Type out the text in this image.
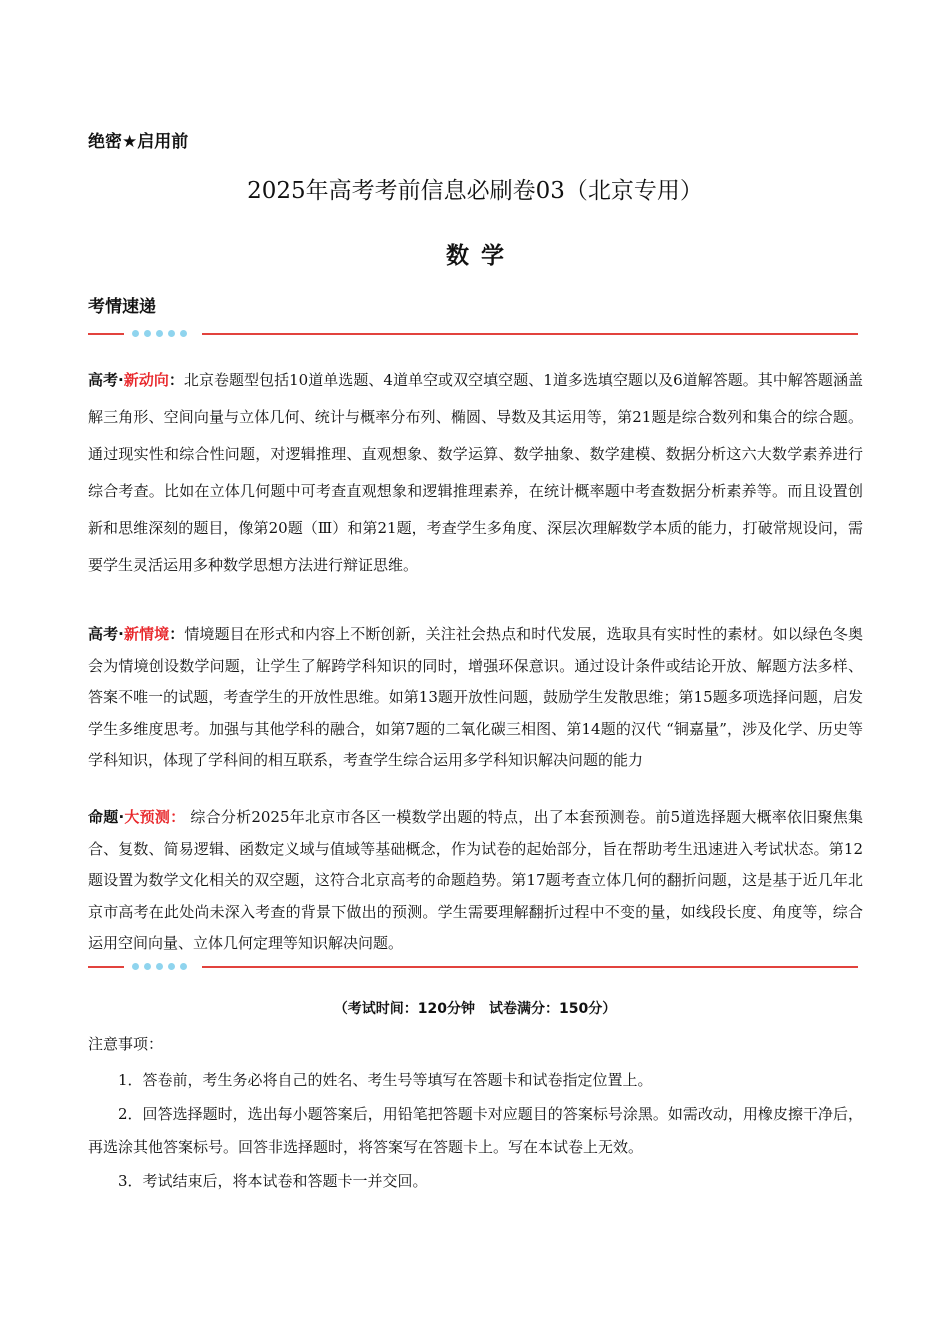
绝密★启用前
2025年高考考前信息必刷卷03（北京专用）
数学
考情速递
高考·新动向：北京卷题型包括10道单选题、4道单空或双空填空题、1道多选填空题以及6道解答题。其中解答题涵盖解三角形、空间向量与立体几何、统计与概率分布列、椭圆、导数及其运用等，第21题是综合数列和集合的综合题。通过现实性和综合性问题，对逻辑推理、直观想象、数学运算、数学抽象、数学建模、数据分析这六大数学素养进行综合考查。比如在立体几何题中可考查直观想象和逻辑推理素养，在统计概率题中考查数据分析素养等。而且设置创新和思维深刻的题目，像第20题（Ⅲ）和第21题，考查学生多角度、深层次理解数学本质的能力，打破常规设问，需要学生灵活运用多种数学思想方法进行辩证思维。
高考·新情境：情境题目在形式和内容上不断创新，关注社会热点和时代发展，选取具有实时性的素材。如以绿色冬奥会为情境创设数学问题，让学生了解跨学科知识的同时，增强环保意识。通过设计条件或结论开放、解题方法多样、答案不唯一的试题，考查学生的开放性思维。如第13题开放性问题，鼓励学生发散思维；第15题多项选择问题，启发学生多维度思考。加强与其他学科的融合，如第7题的二氧化碳三相图、第14题的汉代 “铜嘉量”，涉及化学、历史等学科知识，体现了学科间的相互联系，考查学生综合运用多学科知识解决问题的能力
命题·大预测： 综合分析2025年北京市各区一模数学出题的特点，出了本套预测卷。前5道选择题大概率依旧聚焦集合、复数、简易逻辑、函数定义域与值域等基础概念，作为试卷的起始部分，旨在帮助考生迅速进入考试状态。第12题设置为数学文化相关的双空题，这符合北京高考的命题趋势。第17题考查立体几何的翻折问题，这是基于近几年北京市高考在此处尚未深入考查的背景下做出的预测。学生需要理解翻折过程中不变的量，如线段长度、角度等，综合运用空间向量、立体几何定理等知识解决问题。
（考试时间：120分钟　试卷满分：150分）
注意事项：
1．答卷前，考生务必将自己的姓名、考生号等填写在答题卡和试卷指定位置上。
2．回答选择题时，选出每小题答案后，用铅笔把答题卡对应题目的答案标号涂黑。如需改动，用橡皮擦干净后，再选涂其他答案标号。回答非选择题时，将答案写在答题卡上。写在本试卷上无效。
3．考试结束后，将本试卷和答题卡一并交回。
